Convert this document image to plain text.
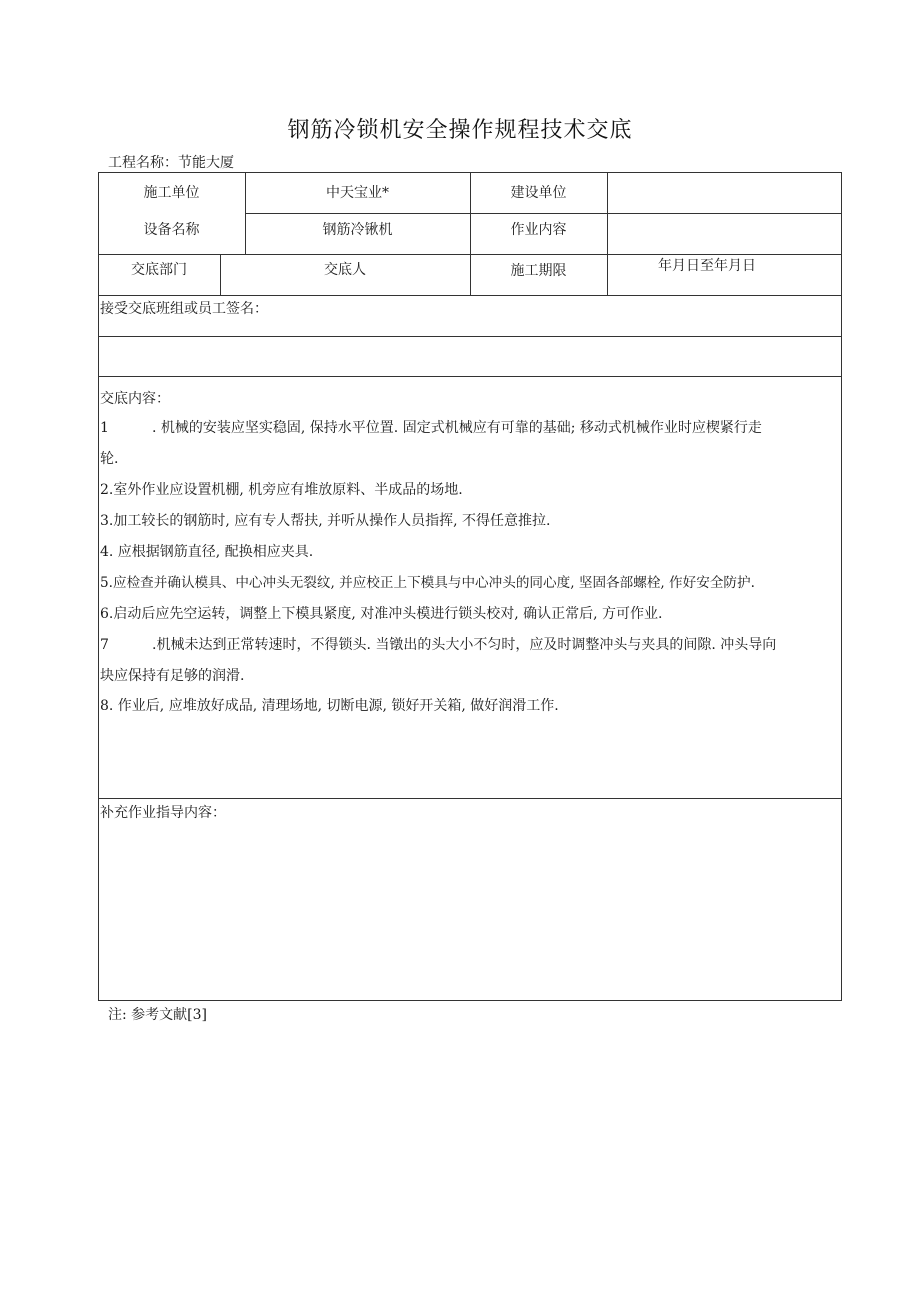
钢筋冷锁机安全操作规程技术交底
工程名称：节能大厦
施工单位	中天宝业*	建设单位
设备名称	钢筋冷锹机	作业内容
交底部门	交底人	施工期限	年月日至年月日
接受交底班组或员工签名：
交底内容：
1	. 机械的安装应坚实稳固, 保持水平位置. 固定式机械应有可靠的基础; 移动式机械作业时应楔紧行走
轮.
2.室外作业应设置机棚, 机旁应有堆放原料、半成品的场地.
3.加工较长的钢筋时, 应有专人帮扶, 并听从操作人员指挥, 不得任意推拉.
4. 应根据钢筋直径, 配换相应夹具.
5.应检查并确认模具、中心冲头无裂纹, 并应校正上下模具与中心冲头的同心度, 坚固各部螺栓, 作好安全防护.
6.启动后应先空运转，调整上下模具紧度, 对准冲头模进行锁头校对, 确认正常后, 方可作业.
7	.机械未达到正常转速时，不得锁头. 当镦出的头大小不匀时，应及时调整冲头与夹具的间隙. 冲头导向
块应保持有足够的润滑.
8. 作业后, 应堆放好成品, 清理场地, 切断电源, 锁好开关箱, 做好润滑工作.
补充作业指导内容：
注: 参考文献[3]
